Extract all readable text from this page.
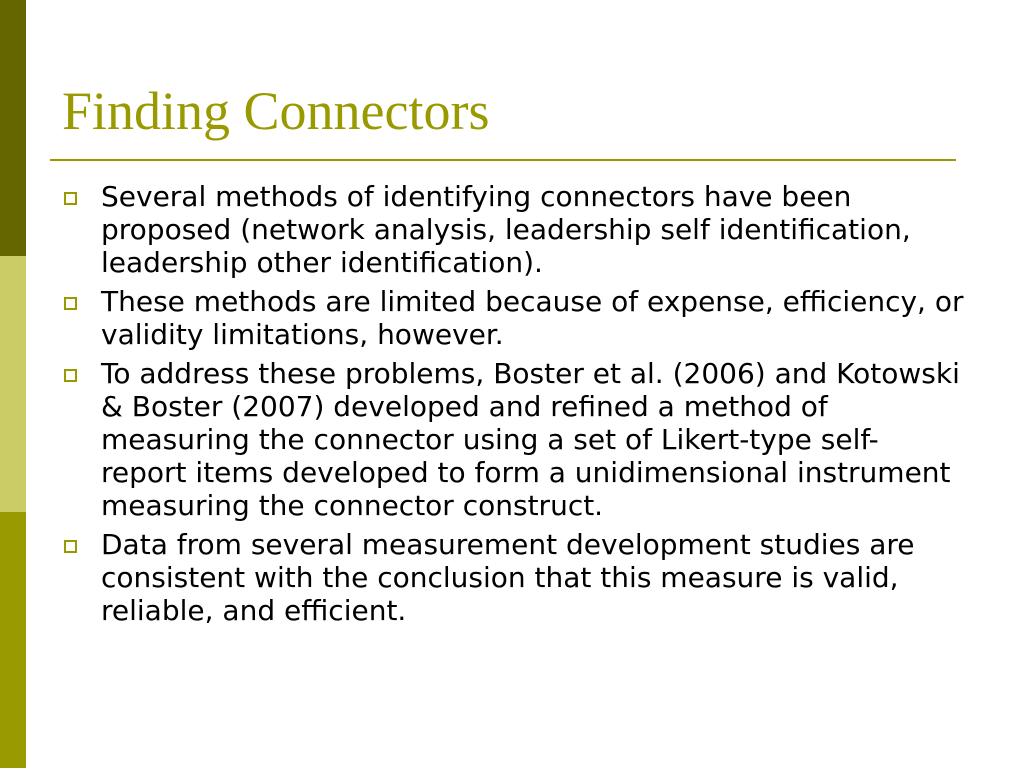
Finding Connectors
Several methods of identifying connectors have been proposed (network analysis, leadership self identification, leadership other identification).
These methods are limited because of expense, efficiency, or validity limitations, however.
To address these problems, Boster et al. (2006) and Kotowski & Boster (2007) developed and refined a method of measuring the connector using a set of Likert-type self-report items developed to form a unidimensional instrument measuring the connector construct.
Data from several measurement development studies are consistent with the conclusion that this measure is valid, reliable, and efficient.
